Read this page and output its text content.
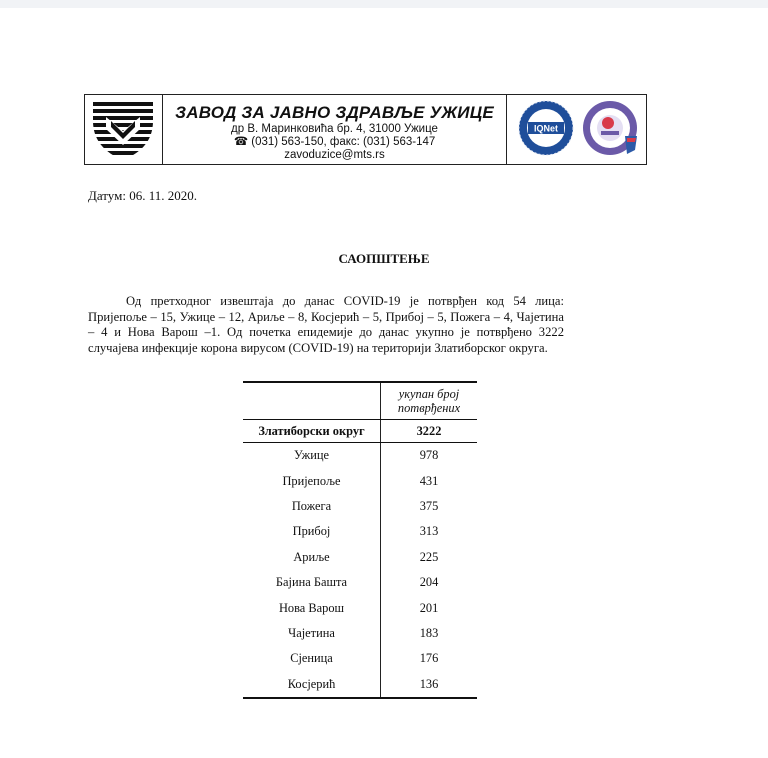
ЗАВОД ЗА ЈАВНО ЗДРАВЉЕ УЖИЦЕ
др В. Маринковића бр. 4, 31000 Ужице
☎ (031) 563-150, факс: (031) 563-147
zavoduzice@mts.rs
IQNet
Датум: 06. 11. 2020.
САОПШТЕЊЕ
Од претходног извештаја до данас COVID-19 је потврђен код 54 лица: Пријепоље – 15, Ужице – 12, Ариље – 8, Косјерић – 5, Прибој – 5, Пожега – 4, Чајетина – 4 и Нова Варош –1. Од почетка епидемије до данас укупно је потврђено 3222 случајева инфекције корона вирусом (COVID-19) на територији Златиборског округа.
	укупан број потврђених
Златиборски округ	3222
Ужице	978
Пријепоље	431
Пожега	375
Прибој	313
Ариље	225
Бајина Башта	204
Нова Варош	201
Чајетина	183
Сјеница	176
Косјерић	136
